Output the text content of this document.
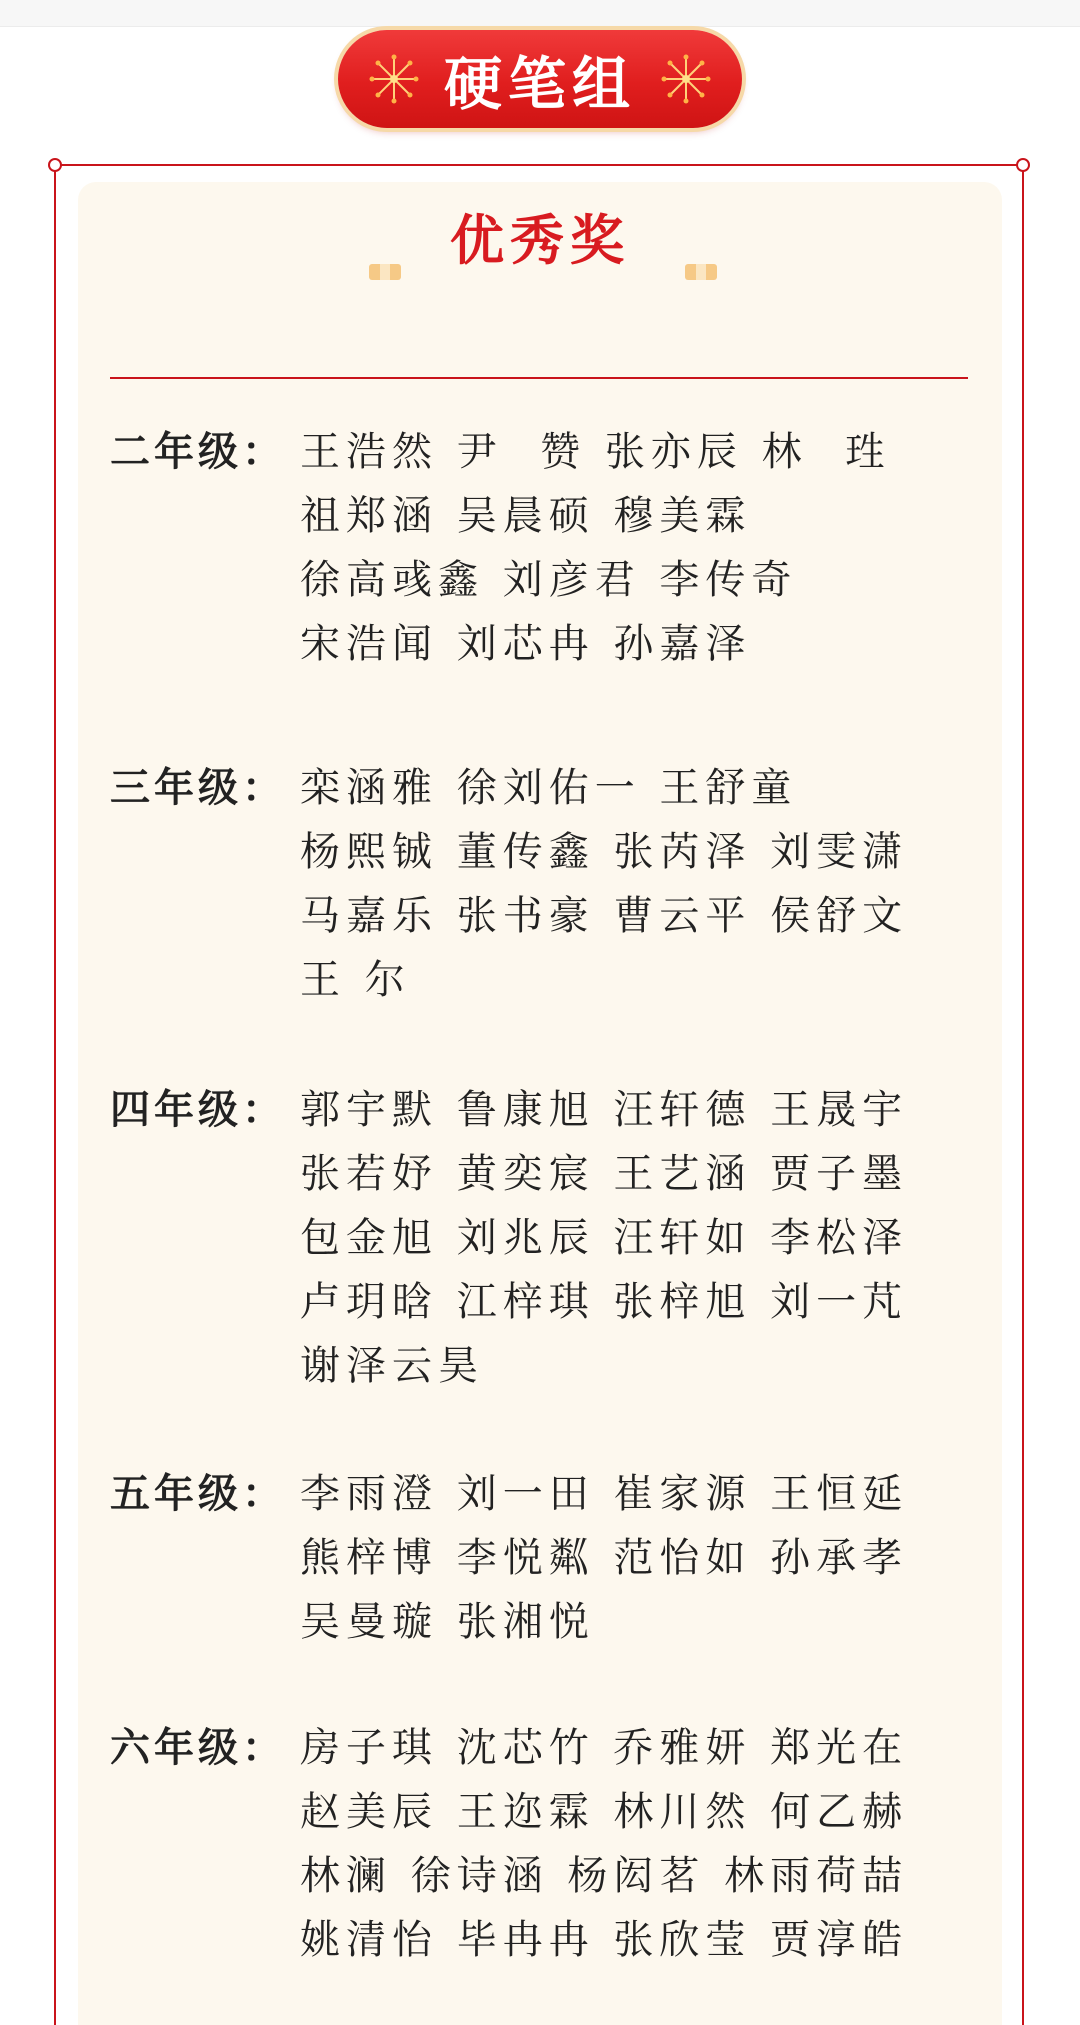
硬笔组
优秀奖
二年级： 王浩然 尹  赞 张亦辰 林  珄
祖郑涵 吴晨硕 穆美霖
徐高彧鑫 刘彦君 李传奇
宋浩闻 刘芯冉 孙嘉泽
三年级： 栾涵雅 徐刘佑一 王舒童
杨熙铖 董传鑫 张芮泽 刘雯潇
马嘉乐 张书豪 曹云平 侯舒文
王 尔
四年级： 郭宇默 鲁康旭 汪轩德 王晟宇
张若妤 黄奕宸 王艺涵 贾子墨
包金旭 刘兆辰 汪轩如 李松泽
卢玥晗 江梓琪 张梓旭 刘一芃
谢泽云昊
五年级： 李雨澄 刘一田 崔家源 王恒延
熊梓博 李悦粼 范怡如 孙承孝
吴曼璇 张湘悦
六年级： 房子琪 沈芯竹 乔雅妍 郑光在
赵美辰 王迩霖 林川然 何乙赫
林澜 徐诗涵 杨闳茗 林雨荷喆
姚清怡 毕冉冉 张欣莹 贾淳皓
